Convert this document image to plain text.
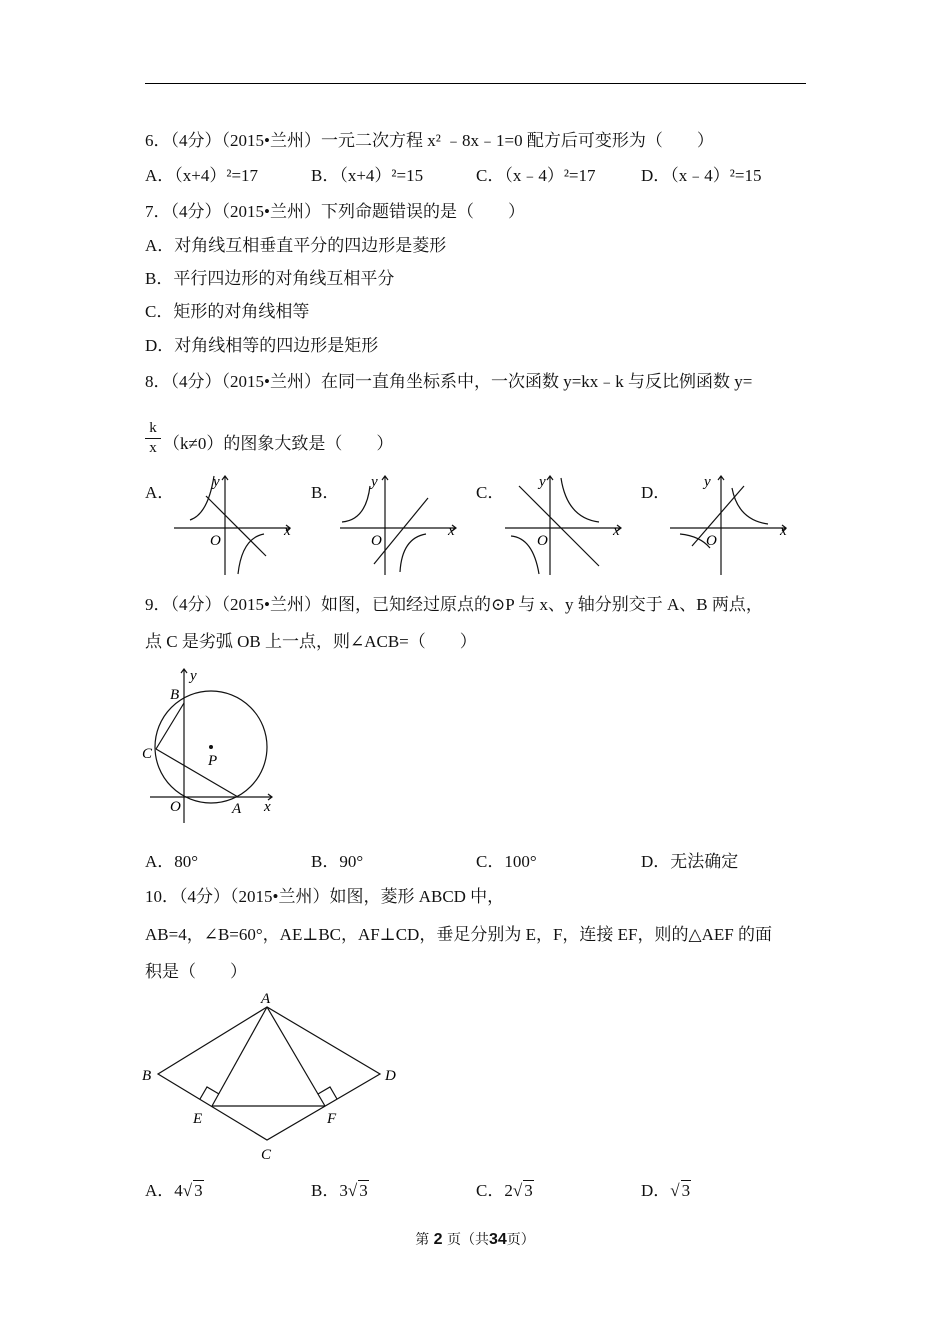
6．（4分）（2015•兰州）一元二次方程 x² ﹣8x﹣1=0 配方后可变形为（　　）
A．（x+4）²=17	B．（x+4）²=15	C．（x﹣4）²=17	D．（x﹣4）²=15
7．（4分）（2015•兰州）下列命题错误的是（　　）
A．对角线互相垂直平分的四边形是菱形
B．平行四边形的对角线互相平分
C．矩形的对角线相等
D．对角线相等的四边形是矩形
8．（4分）（2015•兰州）在同一直角坐标系中，一次函数 y=kx﹣k 与反比例函数 y=
k
x （k≠0）的图象大致是（　　）
A．	B．	C．	D．
y
x
O
y
x
O
y
x
O
y
x
O
9．（4分）（2015•兰州）如图，已知经过原点的⊙P 与 x、y 轴分别交于 A、B 两点，
点 C 是劣弧 OB 上一点，则∠ACB=（　　）
y
B
C	P
O	A x
A．80°	B．90°	C．100°	D．无法确定
10．（4分）（2015•兰州）如图，菱形 ABCD 中，
AB=4，∠B=60°，AE⊥BC，AF⊥CD，垂足分别为 E，F，连接 EF，则的△AEF 的面
积是（　　）
A
B
C
D
E	F
A．4√ 3	B．3√ 3	C．2√ 3	D．√ 3
第 2 页（共34页）
